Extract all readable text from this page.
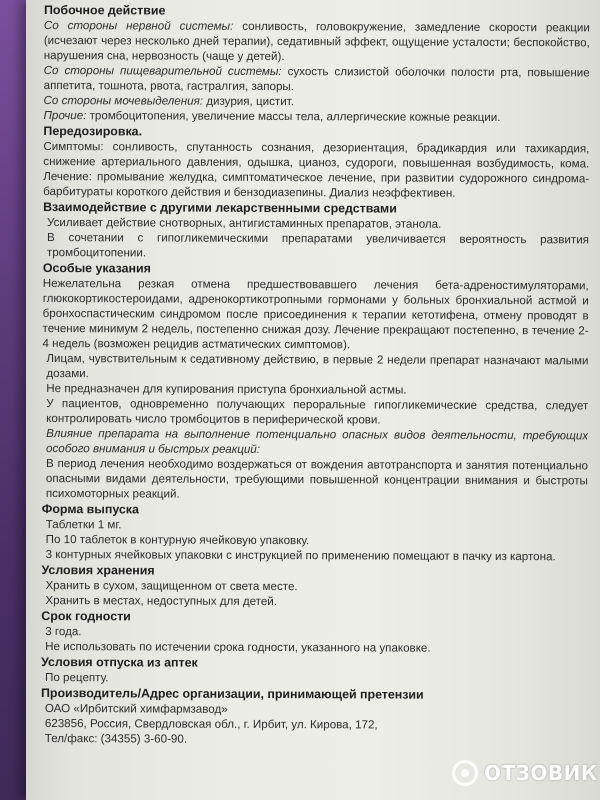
Побочное действие

Со стороны нервной системы: сонливость, головокружение, замедление скорости реакции (исчезают через несколько дней терапии), седативный эффект, ощущение усталости; беспокойство, нарушения сна, нервозность (чаще у детей).

Со стороны пищеварительной системы: сухость слизистой оболочки полости рта, повышение аппетита, тошнота, рвота, гастралгия, запоры.

Со стороны мочевыделения: дизурия, цистит.

Прочие: тромбоцитопения, увеличение массы тела, аллергические кожные реакции.

Передозировка.

Симптомы: сонливость, спутанность сознания, дезориентация, брадикардия или тахикардия, снижение артериального давления, одышка, цианоз, судороги, повышенная возбудимость, кома. Лечение: промывание желудка, симптоматическое лечение, при развитии судорожного синдрома- барбитураты короткого действия и бензодиазепины. Диализ неэффективен.

Взаимодействие с другими лекарственными средствами

Усиливает действие снотворных, антигистаминных препаратов, этанола.

В сочетании с гипогликемическими препаратами увеличивается вероятность развития тромбоцитопении.

Особые указания

Нежелательна резкая отмена предшествовавшего лечения бета-адреностимуляторами, глюкокортикостероидами, адренокортикотропными гормонами у больных бронхиальной астмой и бронхоспастическим синдромом после присоединения к терапии кетотифена, отмену проводят в течение минимум 2 недель, постепенно снижая дозу. Лечение прекращают постепенно, в течение 2-4 недель (возможен рецидив астматических симптомов).

Лицам, чувствительным к седативному действию, в первые 2 недели препарат назначают малыми дозами.

Не предназначен для купирования приступа бронхиальной астмы.

У пациентов, одновременно получающих пероральные гипогликемические средства, следует контролировать число тромбоцитов в периферической крови.

Влияние препарата на выполнение потенциально опасных видов деятельности, требующих особого внимания и быстрых реакций:

В период лечения необходимо воздержаться от вождения автотранспорта и занятия потенциально опасными видами деятельности, требующими повышенной концентрации внимания и быстроты психомоторных реакций.

Форма выпуска

Таблетки 1 мг.

По 10 таблеток в контурную ячейковую упаковку.

3 контурных ячейковых упаковки с инструкцией по применению помещают в пачку из картона.

Условия хранения

Хранить в сухом, защищенном от света месте.

Хранить в местах, недоступных для детей.

Срок годности

3 года.

Не использовать по истечении срока годности, указанного на упаковке.

Условия отпуска из аптек

По рецепту.

Производитель/Адрес организации, принимающей претензии

ОАО «Ирбитский химфармзавод»

623856, Россия, Свердловская обл., г. Ирбит, ул. Кирова, 172,

Тел/факс: (34355) 3-60-90.

ОТЗОВИК
